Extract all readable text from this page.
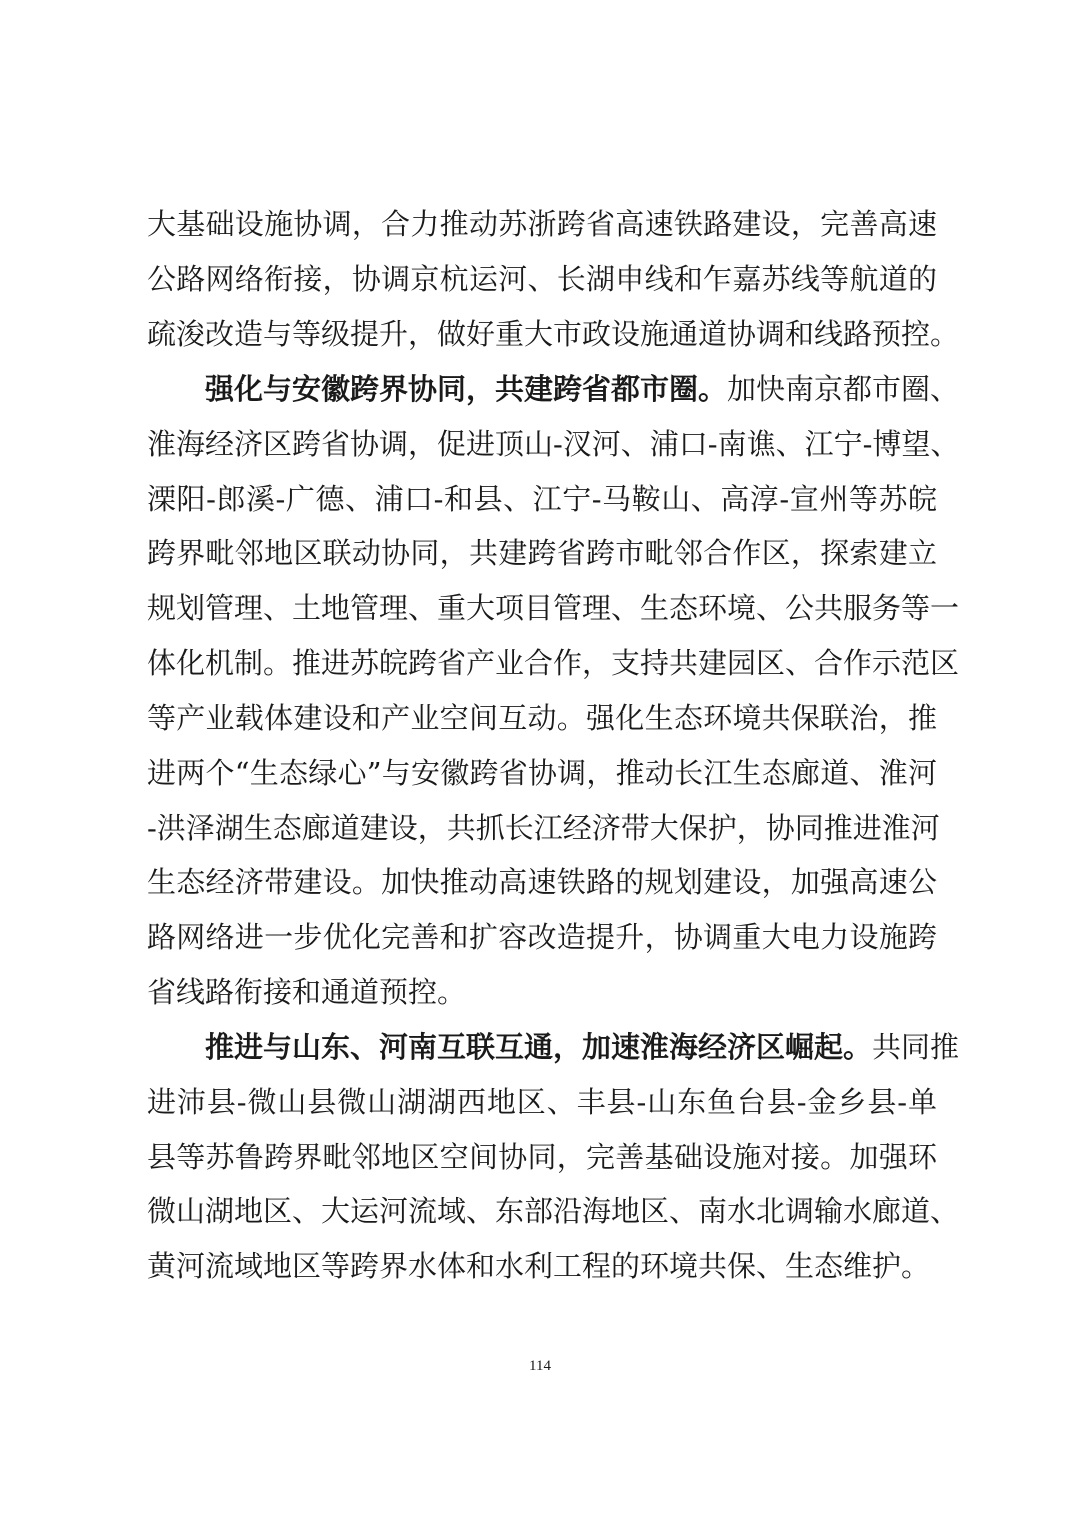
大基础设施协调，合力推动苏浙跨省高速铁路建设，完善高速
公路网络衔接，协调京杭运河、长湖申线和乍嘉苏线等航道的
疏浚改造与等级提升，做好重大市政设施通道协调和线路预控。
强化与安徽跨界协同，共建跨省都市圈。加快南京都市圈、
淮海经济区跨省协调，促进顶山-汊河、浦口-南谯、江宁-博望、
溧阳-郎溪-广德、浦口-和县、江宁-马鞍山、高淳-宣州等苏皖
跨界毗邻地区联动协同，共建跨省跨市毗邻合作区，探索建立
规划管理、土地管理、重大项目管理、生态环境、公共服务等一
体化机制。推进苏皖跨省产业合作，支持共建园区、合作示范区
等产业载体建设和产业空间互动。强化生态环境共保联治，推
进两个“生态绿心”与安徽跨省协调，推动长江生态廊道、淮河
-洪泽湖生态廊道建设，共抓长江经济带大保护，协同推进淮河
生态经济带建设。加快推动高速铁路的规划建设，加强高速公
路网络进一步优化完善和扩容改造提升，协调重大电力设施跨
省线路衔接和通道预控。
推进与山东、河南互联互通，加速淮海经济区崛起。共同推
进沛县-微山县微山湖湖西地区、丰县-山东鱼台县-金乡县-单
县等苏鲁跨界毗邻地区空间协同，完善基础设施对接。加强环
微山湖地区、大运河流域、东部沿海地区、南水北调输水廊道、
黄河流域地区等跨界水体和水利工程的环境共保、生态维护。
114
